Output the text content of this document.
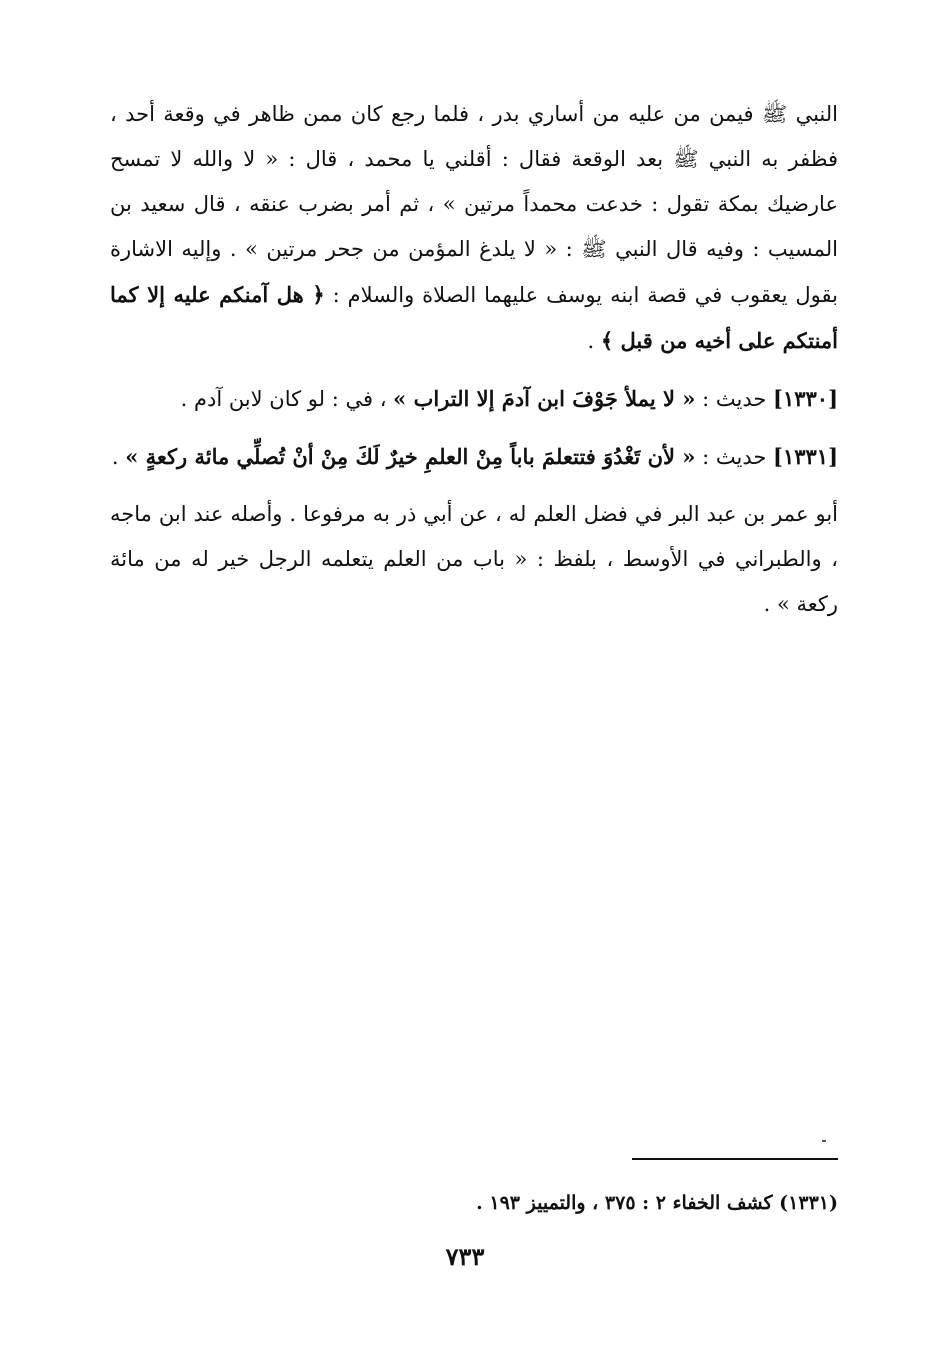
النبي ﷺ فيمن من عليه من أساري بدر ، فلما رجع كان ممن ظاهر في وقعة أحد ، فظفر به النبي ﷺ بعد الوقعة فقال : أقلني يا محمد ، قال : « لا والله لا تمسح عارضيك بمكة تقول : خدعت محمداً مرتين » ، ثم أمر بضرب عنقه ، قال سعيد بن المسيب : وفيه قال النبي ﷺ : « لا يلدغ المؤمن من جحر مرتين » . وإليه الاشارة بقول يعقوب في قصة ابنه يوسف عليهما الصلاة والسلام : ﴿ هل آمنكم عليه إلا كما أمنتكم على أخيه من قبل ﴾ .

[١٣٣٠] حديث : « لا يملأ جَوْفَ ابن آدمَ إلا التراب » ، في : لو كان لابن آدم .

[١٣٣١] حديث : « لأن تَغْدُوَ فتتعلمَ باباً مِنْ العلمِ خيرٌ لَكَ مِنْ أنْ تُصلِّي مائة ركعةٍ » .

أبو عمر بن عبد البر في فضل العلم له ، عن أبي ذر به مرفوعا . وأصله عند ابن ماجه ، والطبراني في الأوسط ، بلفظ : « باب من العلم يتعلمه الرجل خير له من مائة ركعة » .

(١٣٣١) كشف الخفاء ٢ : ٣٧٥ ، والتمييز ١٩٣ .
٧٣٣
